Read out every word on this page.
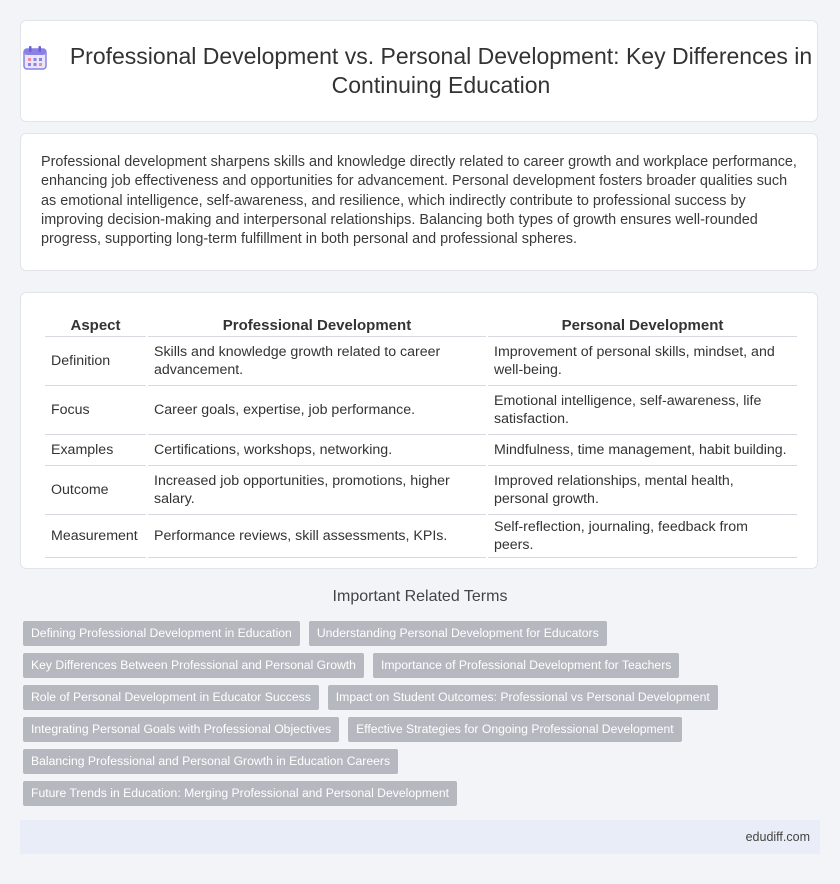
Professional Development vs. Personal Development: Key Differences in Continuing Education

Professional development sharpens skills and knowledge directly related to career growth and workplace performance, enhancing job effectiveness and opportunities for advancement. Personal development fosters broader qualities such as emotional intelligence, self-awareness, and resilience, which indirectly contribute to professional success by improving decision-making and interpersonal relationships. Balancing both types of growth ensures well-rounded progress, supporting long-term fulfillment in both personal and professional spheres.

Aspect	Professional Development	Personal Development
Definition	Skills and knowledge growth related to career advancement.	Improvement of personal skills, mindset, and well-being.
Focus	Career goals, expertise, job performance.	Emotional intelligence, self-awareness, life satisfaction.
Examples	Certifications, workshops, networking.	Mindfulness, time management, habit building.
Outcome	Increased job opportunities, promotions, higher salary.	Improved relationships, mental health, personal growth.
Measurement	Performance reviews, skill assessments, KPIs.	Self-reflection, journaling, feedback from peers.
Important Related Terms
Defining Professional Development in Education	Understanding Personal Development for Educators
Key Differences Between Professional and Personal Growth	Importance of Professional Development for Teachers
Role of Personal Development in Educator Success	Impact on Student Outcomes: Professional vs Personal Development
Integrating Personal Goals with Professional Objectives	Effective Strategies for Ongoing Professional Development
Balancing Professional and Personal Growth in Education Careers
Future Trends in Education: Merging Professional and Personal Development
edudiff.com
